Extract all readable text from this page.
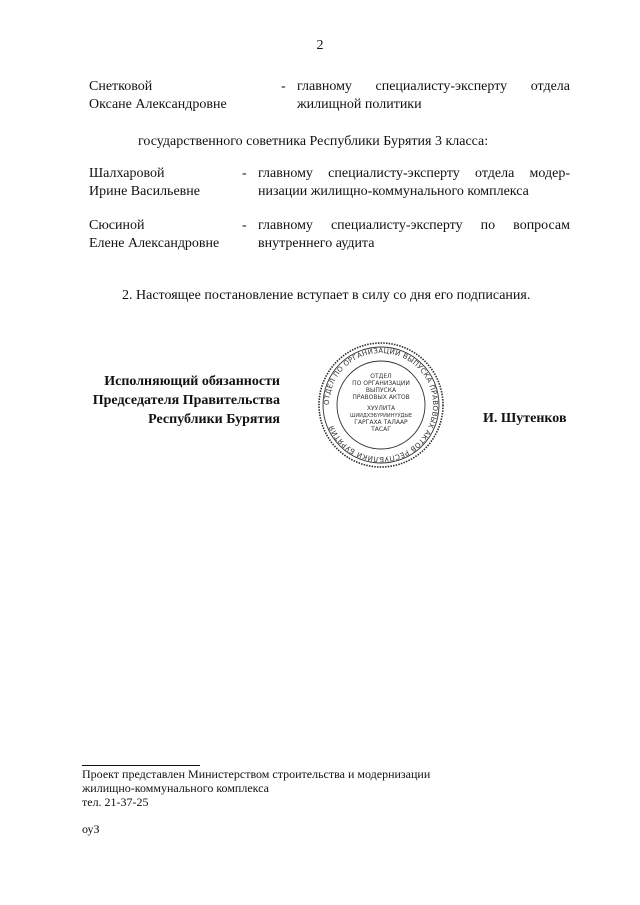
2
Снетковой
Оксане Александровне
- главному специалисту-эксперту отдела
жилищной политики
государственного советника Республики Бурятия 3 класса:
Шалхаровой
Ирине Васильевне
- главному специалисту-эксперту отдела модер-
низации жилищно-коммунального комплекса
Сюсиной
Елене Александровне
- главному специалисту-эксперту по вопросам
внутреннего аудита
2. Настоящее постановление вступает в силу со дня его подписания.
Исполняющий обязанности
Председателя Правительства
Республики Бурятия
ОТДЕЛ ПО ОРГАНИЗАЦИИ ВЫПУСКА ПРАВОВЫХ АКТОВ РЕСПУБЛИКИ БУРЯТИЯ
ОТДЕЛ
ПО ОРГАНИЗАЦИИ
ВЫПУСКА
ПРАВОВЫХ АКТОВ
ХУУЛИТА
ШИИДХЭБҮРИИНҮУДЫЕ
ГАРГАХА ТАЛААР
ТАСАГ
И. Шутенков
Проект представлен Министерством строительства и модернизации
жилищно-коммунального комплекса
тел. 21-37-25
оуЗ
